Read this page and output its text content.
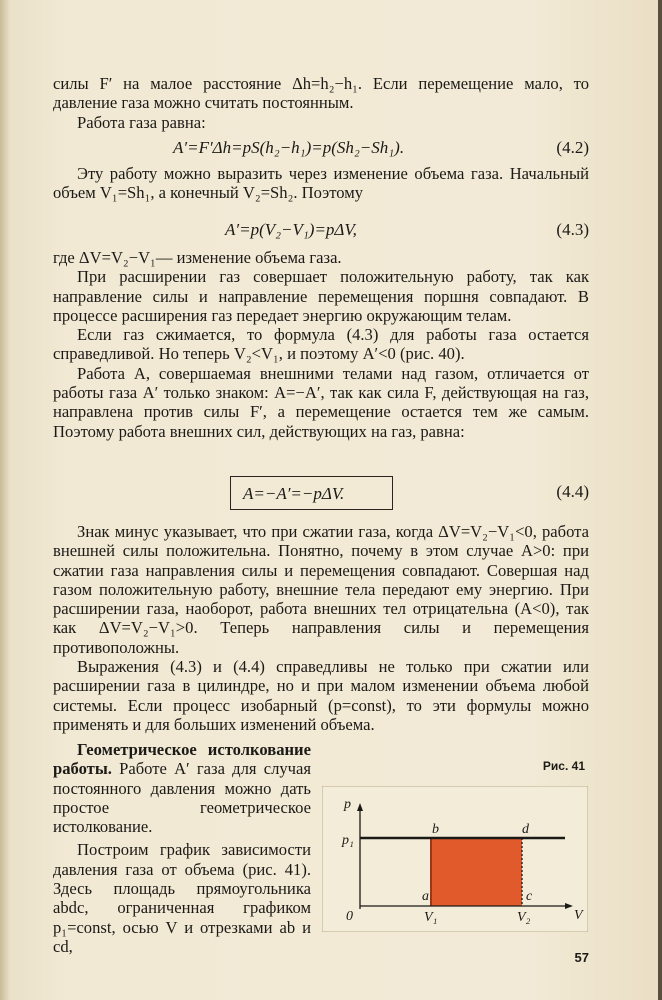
силы F′ на малое расстояние Δh=h₂−h₁. Если перемещение мало, то давление газа можно считать постоянным.

Работа газа равна:

A′=F′Δh=pS(h₂−h₁)=p(Sh₂−Sh₁).	(4.2)

Эту работу можно выразить через изменение объема газа. Начальный объем V₁=Sh₁, а конечный V₂=Sh₂. Поэтому

A′=p(V₂−V₁)=pΔV,	(4.3)

где ΔV=V₂−V₁— изменение объема газа.

При расширении газ совершает положительную работу, так как направление силы и направление перемещения поршня совпадают. В процессе расширения газ передает энергию окружающим телам.

Если газ сжимается, то формула (4.3) для работы газа остается справедливой. Но теперь V₂<V₁, и поэтому A′<0 (рис. 40).

Работа A, совершаемая внешними телами над газом, отличается от работы газа A′ только знаком: A=−A′, так как сила F, действующая на газ, направлена против силы F′, а перемещение остается тем же самым. Поэтому работа внешних сил, действующих на газ, равна:

A=−A′=−pΔV.	(4.4)

Знак минус указывает, что при сжатии газа, когда ΔV=V₂−V₁<0, работа внешней силы положительна. Понятно, почему в этом случае A>0: при сжатии газа направления силы и перемещения совпадают. Совершая над газом положительную работу, внешние тела передают ему энергию. При расширении газа, наоборот, работа внешних тел отрицательна (A<0), так как ΔV=V₂−V₁>0. Теперь направления силы и перемещения противоположны.

Выражения (4.3) и (4.4) справедливы не только при сжатии или расширении газа в цилиндре, но и при малом изменении объема любой системы. Если процесс изобарный (p=const), то эти формулы можно применять и для больших изменений объема.

Геометрическое истолкование работы. Работе A′ газа для случая постоянного давления можно дать простое геометрическое истолкование.

Построим график зависимости давления газа от объема (рис. 41). Здесь площадь прямоугольника abdc, ограниченная графиком p₁=const, осью V и отрезками ab и cd,

Рис. 41
p
p₁
0	V
V₁	V₂
a
b
c
d
57
